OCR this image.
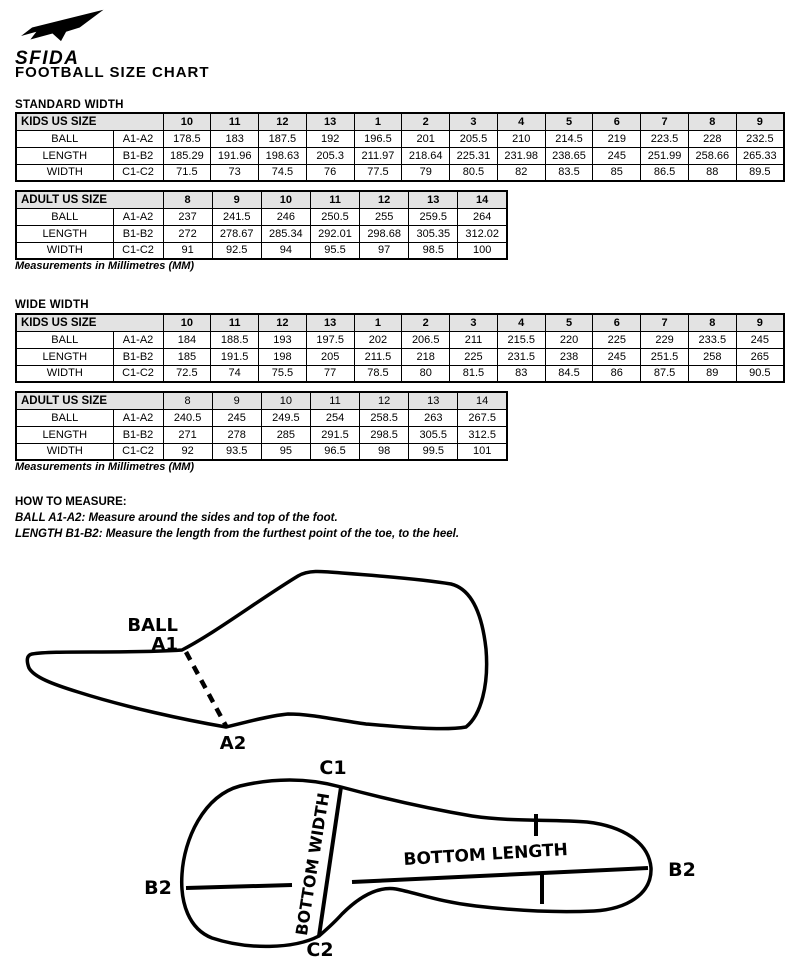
SFIDA
FOOTBALL SIZE CHART
STANDARD WIDTH
KIDS US SIZE		10	11	12	13	1	2	3	4	5	6	7	8	9
BALL	A1-A2	178.5	183	187.5	192	196.5	201	205.5	210	214.5	219	223.5	228	232.5
LENGTH	B1-B2	185.29	191.96	198.63	205.3	211.97	218.64	225.31	231.98	238.65	245	251.99	258.66	265.33
WIDTH	C1-C2	71.5	73	74.5	76	77.5	79	80.5	82	83.5	85	86.5	88	89.5
ADULT US SIZE		8	9	10	11	12	13	14
BALL	A1-A2	237	241.5	246	250.5	255	259.5	264
LENGTH	B1-B2	272	278.67	285.34	292.01	298.68	305.35	312.02
WIDTH	C1-C2	91	92.5	94	95.5	97	98.5	100
Measurements in Millimetres (MM)
WIDE WIDTH
KIDS US SIZE		10	11	12	13	1	2	3	4	5	6	7	8	9
BALL	A1-A2	184	188.5	193	197.5	202	206.5	211	215.5	220	225	229	233.5	245
LENGTH	B1-B2	185	191.5	198	205	211.5	218	225	231.5	238	245	251.5	258	265
WIDTH	C1-C2	72.5	74	75.5	77	78.5	80	81.5	83	84.5	86	87.5	89	90.5
ADULT US SIZE		8	9	10	11	12	13	14
BALL	A1-A2	240.5	245	249.5	254	258.5	263	267.5
LENGTH	B1-B2	271	278	285	291.5	298.5	305.5	312.5
WIDTH	C1-C2	92	93.5	95	96.5	98	99.5	101
Measurements in Millimetres (MM)
HOW TO MEASURE:
BALL A1-A2: Measure around the sides and top of the foot.
LENGTH B1-B2: Measure the length from the furthest point of the toe, to the heel.
BALL
A1
A2
C1
C2
B2
B2
BOTTOM WIDTH	BOTTOM LENGTH
